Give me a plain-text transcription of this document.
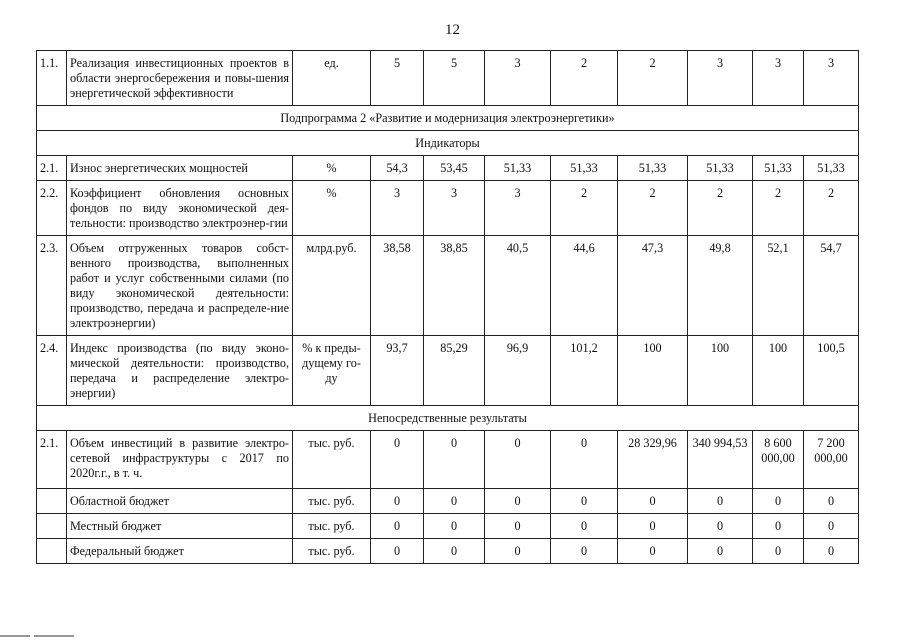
12
1.1.	Реализация инвестиционных проектов в области энергосбережения и повы-шения энергетической эффективности	ед.	5	5	3	2	2	3	3	3
Подпрограмма 2 «Развитие и модернизация электроэнергетики»										
Индикаторы										
2.1.	Износ энергетических мощностей	%	54,3	53,45	51,33	51,33	51,33	51,33	51,33	51,33
2.2.	Коэффициент обновления основных фондов по виду экономической дея-тельности: производство электроэнер-гии	%	3	3	3	2	2	2	2	2
2.3.	Объем отгруженных товаров собст-венного производства, выполненных работ и услуг собственными силами (по виду экономической деятельности: производство, передача и распределе-ние электроэнергии)	млрд.руб.	38,58	38,85	40,5	44,6	47,3	49,8	52,1	54,7
2.4.	Индекс производства (по виду эконо-мической деятельности: производство, передача и распределение электро-энергии)	% к преды-дущему го-ду	93,7	85,29	96,9	101,2	100	100	100	100,5
Непосредственные результаты										
2.1.	Объем инвестиций в развитие электро-сетевой инфраструктуры с 2017 по 2020г.г., в т. ч.	тыс. руб.	0	0	0	0	28 329,96	340 994,53	8 600 000,00	7 200 000,00
	Областной бюджет	тыс. руб.	0	0	0	0	0	0	0	0
	Местный бюджет	тыс. руб.	0	0	0	0	0	0	0	0
	Федеральный бюджет	тыс. руб.	0	0	0	0	0	0	0	0
